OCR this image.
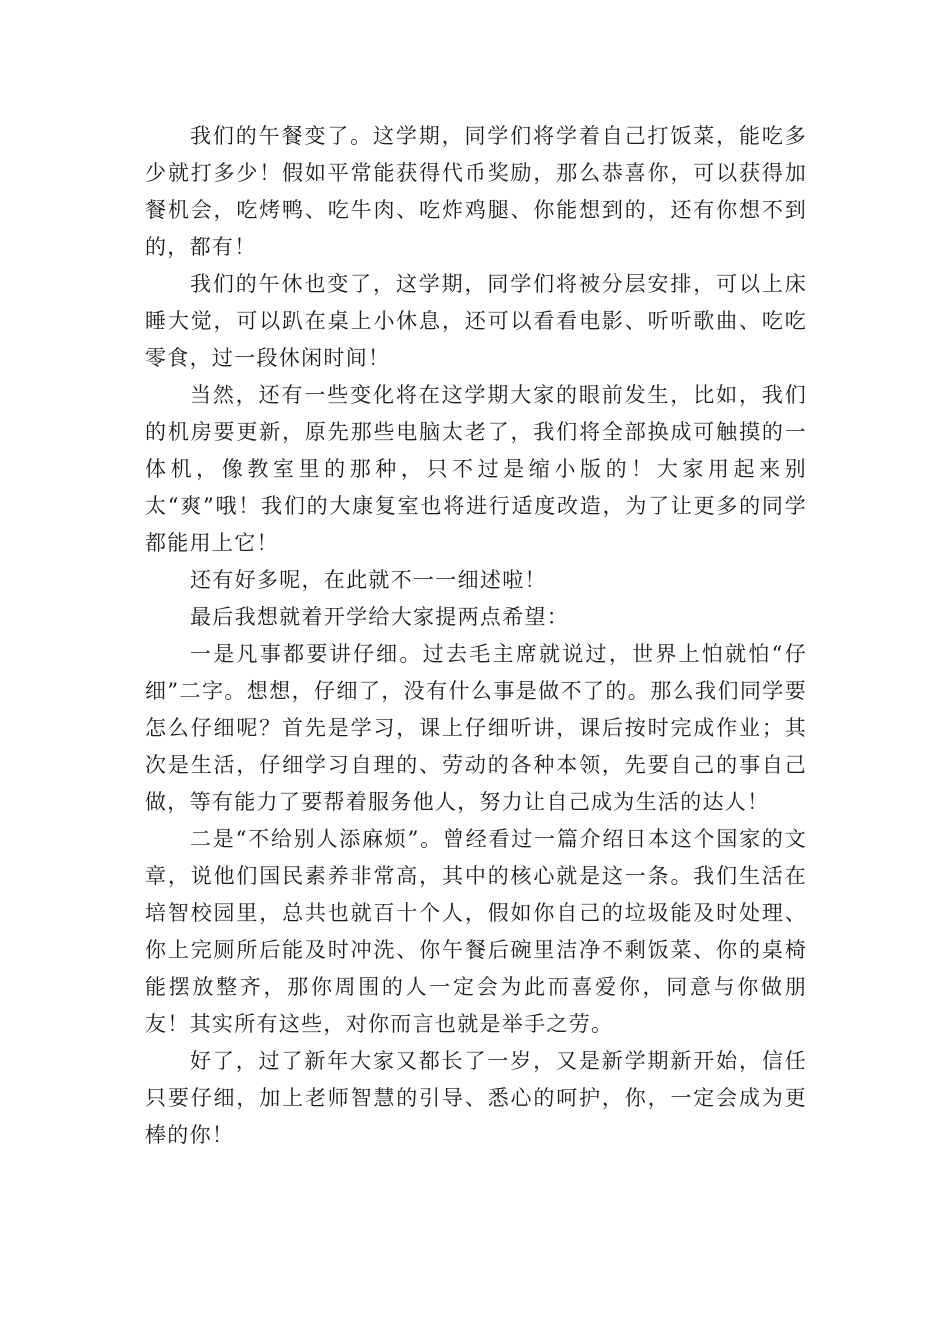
我们的午餐变了。这学期，同学们将学着自己打饭菜，能吃多少就打多少！假如平常能获得代币奖励，那么恭喜你，可以获得加餐机会，吃烤鸭、吃牛肉、吃炸鸡腿、你能想到的，还有你想不到的，都有！

我们的午休也变了，这学期，同学们将被分层安排，可以上床睡大觉，可以趴在桌上小休息，还可以看看电影、听听歌曲、吃吃零食，过一段休闲时间！

当然，还有一些变化将在这学期大家的眼前发生，比如，我们的机房要更新，原先那些电脑太老了，我们将全部换成可触摸的一体机，像教室里的那种，只不过是缩小版的！大家用起来别太“爽”哦！我们的大康复室也将进行适度改造，为了让更多的同学都能用上它！

还有好多呢，在此就不一一细述啦！

最后我想就着开学给大家提两点希望：

一是凡事都要讲仔细。过去毛主席就说过，世界上怕就怕“仔细”二字。想想，仔细了，没有什么事是做不了的。那么我们同学要怎么仔细呢？首先是学习，课上仔细听讲，课后按时完成作业；其次是生活，仔细学习自理的、劳动的各种本领，先要自己的事自己做，等有能力了要帮着服务他人，努力让自己成为生活的达人！

二是“不给别人添麻烦”。曾经看过一篇介绍日本这个国家的文章，说他们国民素养非常高，其中的核心就是这一条。我们生活在培智校园里，总共也就百十个人，假如你自己的垃圾能及时处理、你上完厕所后能及时冲洗、你午餐后碗里洁净不剩饭菜、你的桌椅能摆放整齐，那你周围的人一定会为此而喜爱你，同意与你做朋友！其实所有这些，对你而言也就是举手之劳。

好了，过了新年大家又都长了一岁，又是新学期新开始，信任只要仔细，加上老师智慧的引导、悉心的呵护，你，一定会成为更棒的你！
